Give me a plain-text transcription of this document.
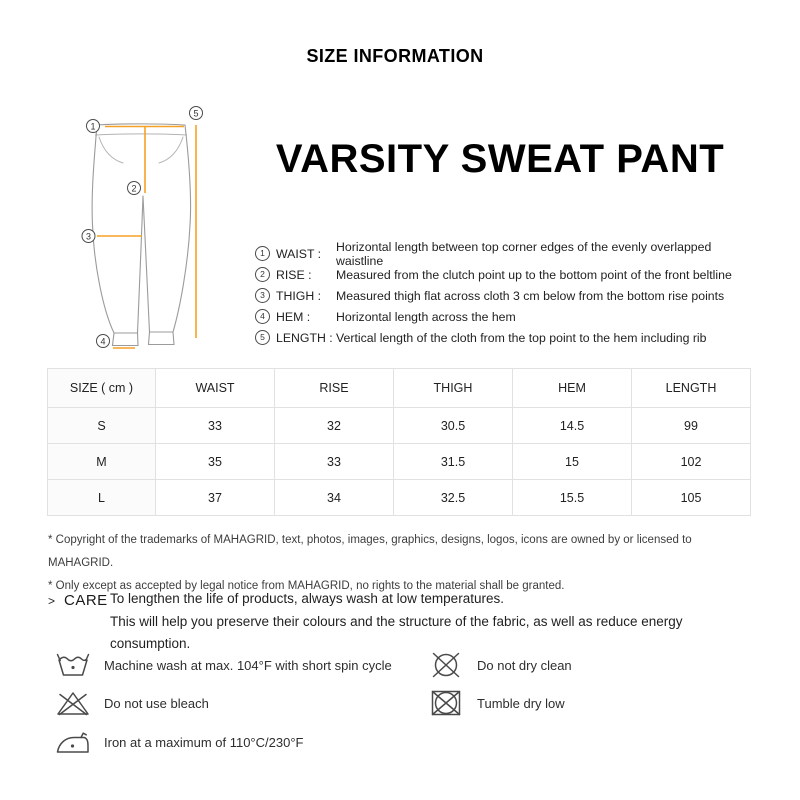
SIZE INFORMATION
1
2
3
4
5
VARSITY SWEAT PANT
1 WAIST :	Horizontal length between top corner edges of the evenly overlapped waistline
2 RISE :	Measured from the clutch point up to the bottom point of the front beltline
3 THIGH :	Measured thigh flat across cloth 3 cm below from the bottom rise points
4 HEM :	Horizontal length across the hem
5 LENGTH : Vertical length of the cloth from the top point to the hem including rib
SIZE ( cm )	WAIST	RISE	THIGH	HEM	LENGTH
S	33	32	30.5	14.5	99
M	35	33	31.5	15	102
L	37	34	32.5	15.5	105
* Copyright of the trademarks of MAHAGRID, text, photos, images, graphics, designs, logos, icons are owned by or licensed to MAHAGRID.
* Only except as accepted by legal notice from MAHAGRID, no rights to the material shall be granted.
> CARE To lengthen the life of products, always wash at low temperatures.
This will help you preserve their colours and the structure of the fabric, as well as reduce energy consumption.
Machine wash at max. 104°F with short spin cycle
Do not use bleach
Iron at a maximum of 110°C/230°F
Do not dry clean
Tumble dry low
